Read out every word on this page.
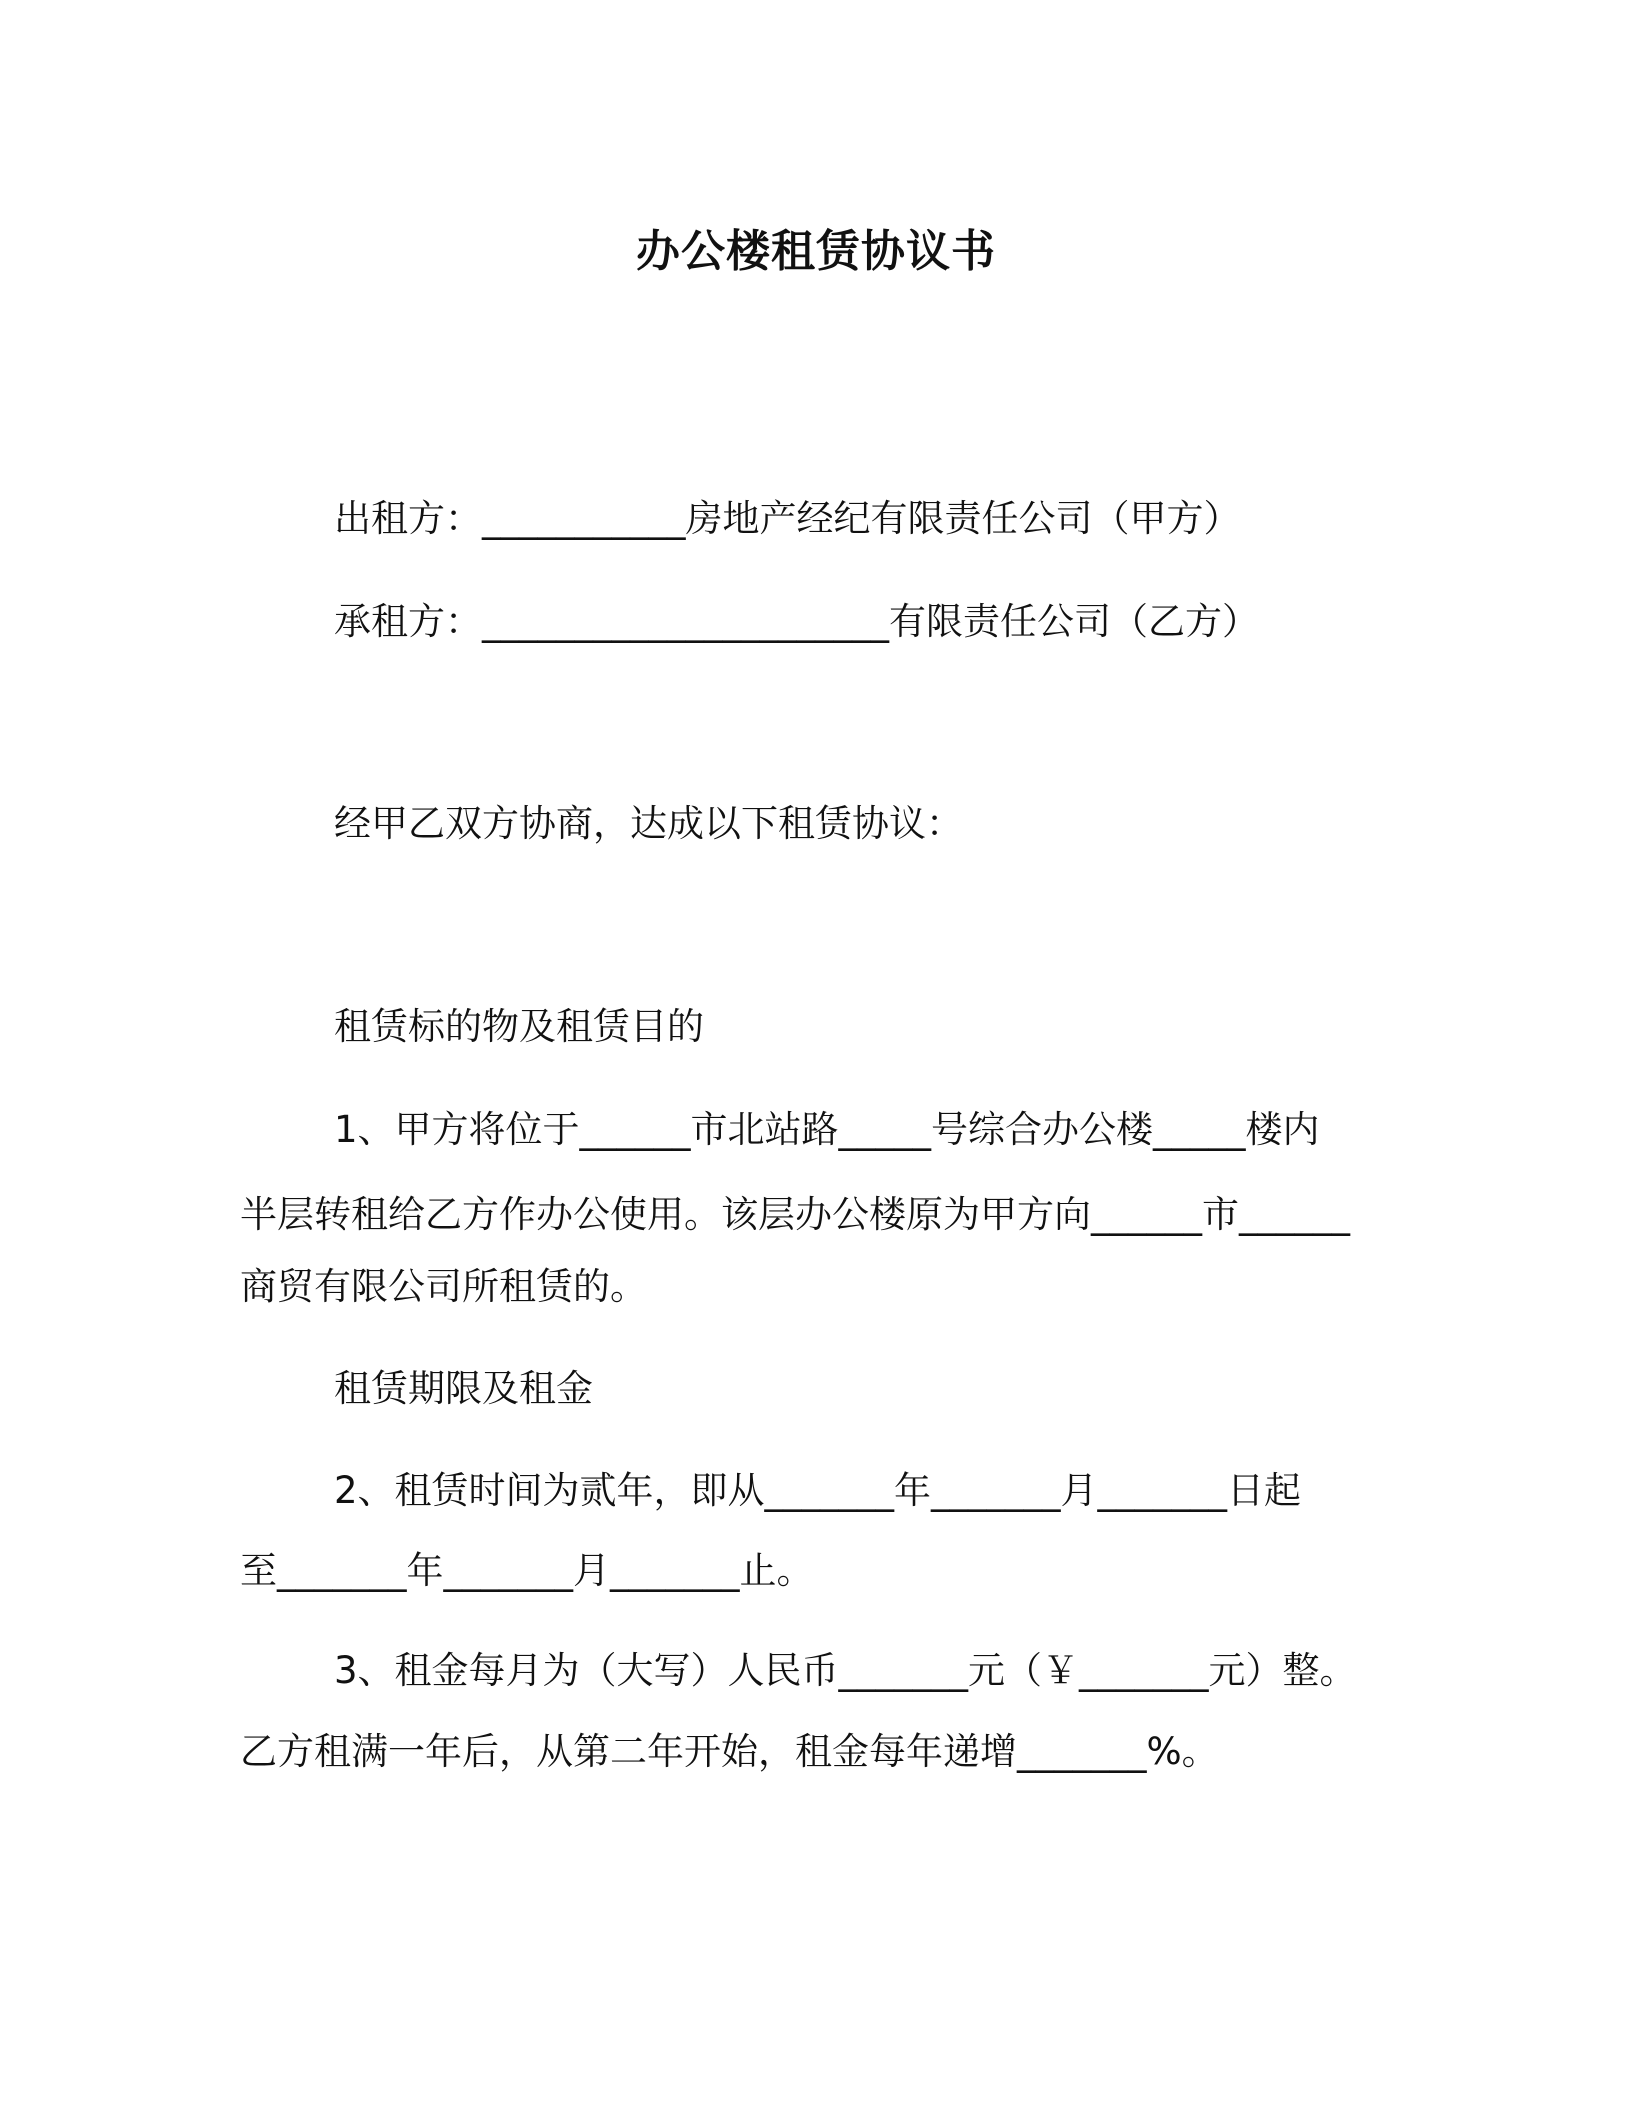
办公楼租赁协议书
出租方：___________房地产经纪有限责任公司（甲方）
承租方：______________________有限责任公司（乙方）
经甲乙双方协商，达成以下租赁协议：
租赁标的物及租赁目的
1、甲方将位于______市北站路_____号综合办公楼_____楼内
半层转租给乙方作办公使用。该层办公楼原为甲方向______市______
商贸有限公司所租赁的。
租赁期限及租金
2、租赁时间为贰年，即从_______年_______月_______日起
至_______年_______月_______止。
3、租金每月为（大写）人民币_______元（￥_______元）整。
乙方租满一年后，从第二年开始，租金每年递增_______%。
